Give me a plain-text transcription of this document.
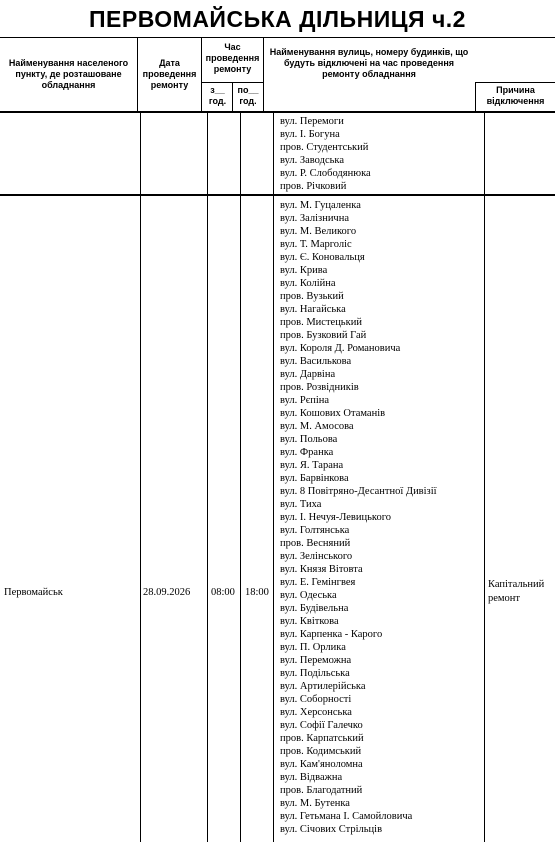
ПЕРВОМАЙСЬКА ДІЛЬНИЦЯ ч.2
Найменування населеного пункту, де розташоване обладнання
Дата проведення ремонту
Час проведення ремонту
з__ год.
по__ год.
Найменування вулиць, номеру будинків, що будуть відключені на час проведення ремонту обладнання
Причина відключення
вул. Перемоги
вул. І. Богуна
пров. Студентський
вул. Заводська
вул. Р. Слободянюка
пров. Річковий
Первомайськ	28.09.2026 08:00 18:00
Капітальний ремонт
вул. М. Гуцаленка
вул. Залізнична
вул. М. Великого
вул. Т. Марголіс
вул. Є. Коновальця
вул. Крива
вул. Колійна
пров. Вузький
вул. Нагайська
пров. Мистецький
пров. Бузковий Гай
вул. Короля Д. Романовича
вул. Василькова
вул. Дарвіна
пров. Розвідників
вул. Рєпіна
вул. Кошових Отаманів
вул. М. Амосова
вул. Польова
вул. Франка
вул. Я. Тарана
вул. Барвінкова
вул. 8 Повітряно-Десантної Дивізії
вул. Тиха
вул. І. Нечуя-Левицького
вул. Голтянська
пров. Весняний
вул. Зелінського
вул. Князя Вітовта
вул. Е. Гемінгвея
вул. Одеська
вул. Будівельна
вул. Квіткова
вул. Карпенка - Карого
вул. П. Орлика
вул. Переможна
вул. Подільська
вул. Артилерійська
вул. Соборності
вул. Херсонська
вул. Софії Галечко
пров. Карпатський
пров. Кодимський
вул. Кам'яноломна
вул. Відважна
пров. Благодатний
вул. М. Бутенка
вул. Гетьмана І. Самойловича
вул. Січових Стрільців
